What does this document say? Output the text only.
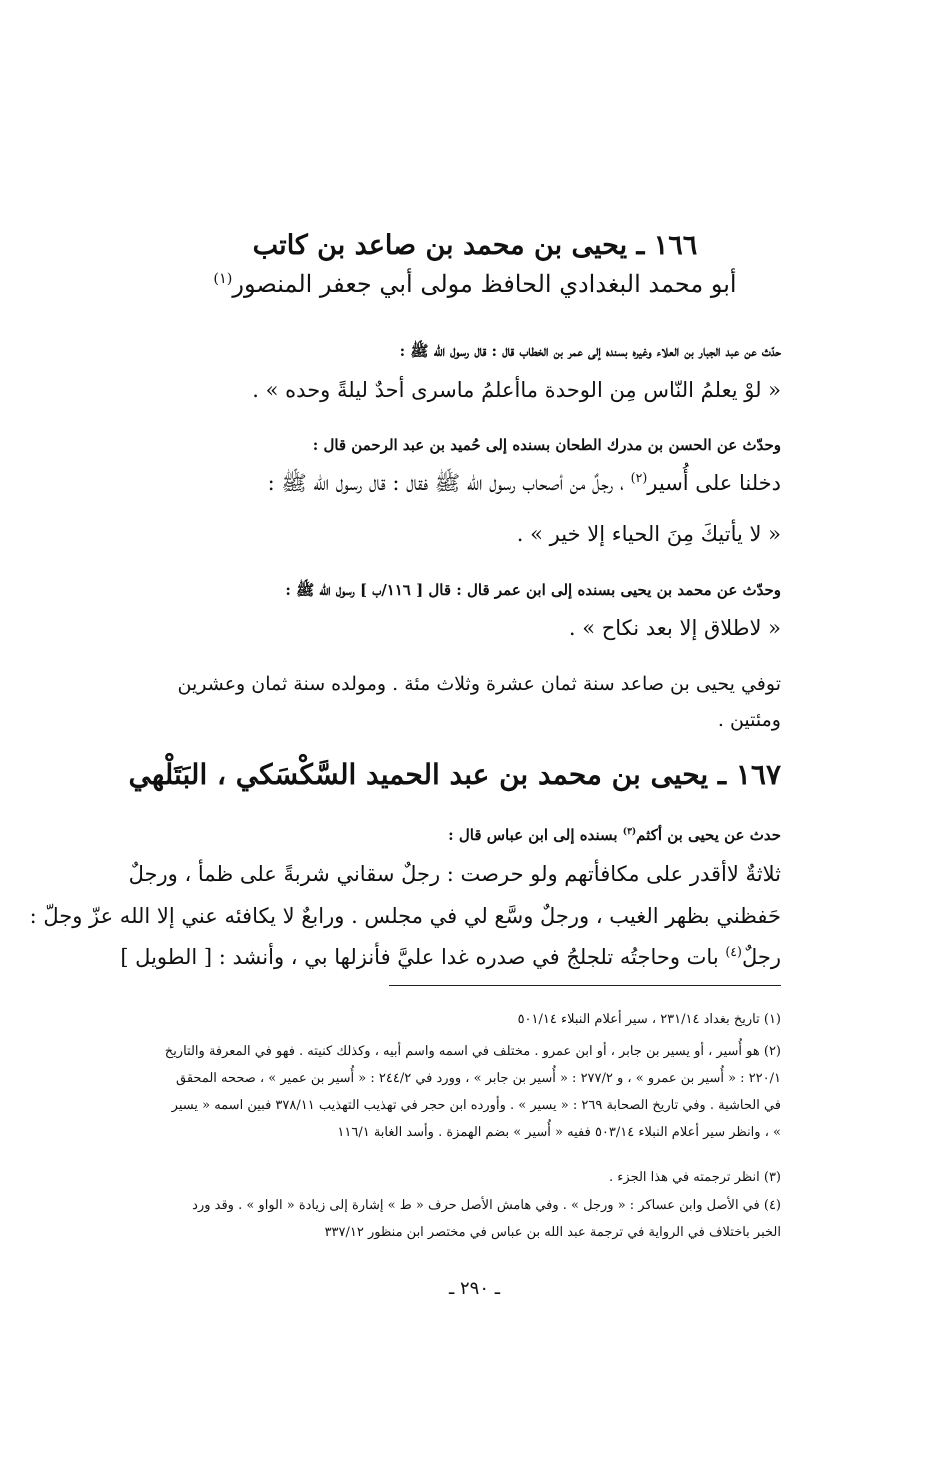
١٦٦ ـ يحيى بن محمد بن صاعد بن كاتب
أبو محمد البغدادي الحافظ مولى أبي جعفر المنصور$^{(١)}$
حدّث عن عبد الجبار بن العلاء وغيره بسنده إلى عمر بن الخطاب قال : قال رسول الله ﷺ :
« لوْ يعلمُ النّاس مِن الوحدة ماأعلمُ ماسرى أحدٌ ليلةً وحده » .
وحدّث عن الحسن بن مدرك الطحان بسنده إلى حُميد بن عبد الرحمن قال :
دخلنا على أُسير$^{(٢)}$ ، رجلٌ من أصحاب رسول الله ﷺ فقال : قال رسول الله ﷺ :
« لا يأتيكَ مِنَ الحياء إلا خير » .
وحدّث عن محمد بن يحيى بسنده إلى ابن عمر قال : قال [ ١١٦/ب ] رسول الله ﷺ :
« لاطلاق إلا بعد نكاح » .
توفي يحيى بن صاعد سنة ثمان عشرة وثلاث مئة . ومولده سنة ثمان وعشرين ومئتين .
١٦٧ ـ يحيى بن محمد بن عبد الحميد السَّكْسَكي ، البَتَلْهي
حدث عن يحيى بن أكثم$^{(٣)}$ بسنده إلى ابن عباس قال :
ثلاثةٌ لاأقدر على مكافأتهم ولو حرصت : رجلٌ سقاني شربةً على ظمأ ، ورجلٌ
حَفظني بظهر الغيب ، ورجلٌ وسَّع لي في مجلس . ورابعٌ لا يكافئه عني إلا الله عزّ وجلّ :
رجلٌ$^{(٤)}$ بات وحاجتُه تلجلجُ في صدره غدا عليَّ فأنزلها بي ، وأنشد : [ الطويل ]
(١) تاريخ بغداد ٢٣١/١٤ ، سير أعلام النبلاء ٥٠١/١٤
(٢) هو أُسير ، أو يسير بن جابر ، أو ابن عمرو . مختلف في اسمه واسم أبيه ، وكذلك كنيته . فهو في المعرفة والتاريخ ٢٢٠/١ : « أُسير بن عمرو » ، و ٢٧٧/٢ : « أُسير بن جابر » ، وورد في ٢٤٤/٢ : « أُسير بن عمير » ، صححه المحقق في الحاشية . وفي تاريخ الصحابة ٢٦٩ : « يسير » . وأورده ابن حجر في تهذيب التهذيب ٣٧٨/١١ فبين اسمه « يسير » ، وانظر سير أعلام النبلاء ٥٠٣/١٤ ففيه « أُسير » بضم الهمزة . وأسد الغابة ١١٦/١
(٣) انظر ترجمته في هذا الجزء .
(٤) في الأصل وابن عساكر : « ورجل » . وفي هامش الأصل حرف « ط » إشارة إلى زيادة « الواو » . وقد ورد الخبر باختلاف في الرواية في ترجمة عبد الله بن عباس في مختصر ابن منظور ٣٣٧/١٢
ـ ٢٩٠ ـ
